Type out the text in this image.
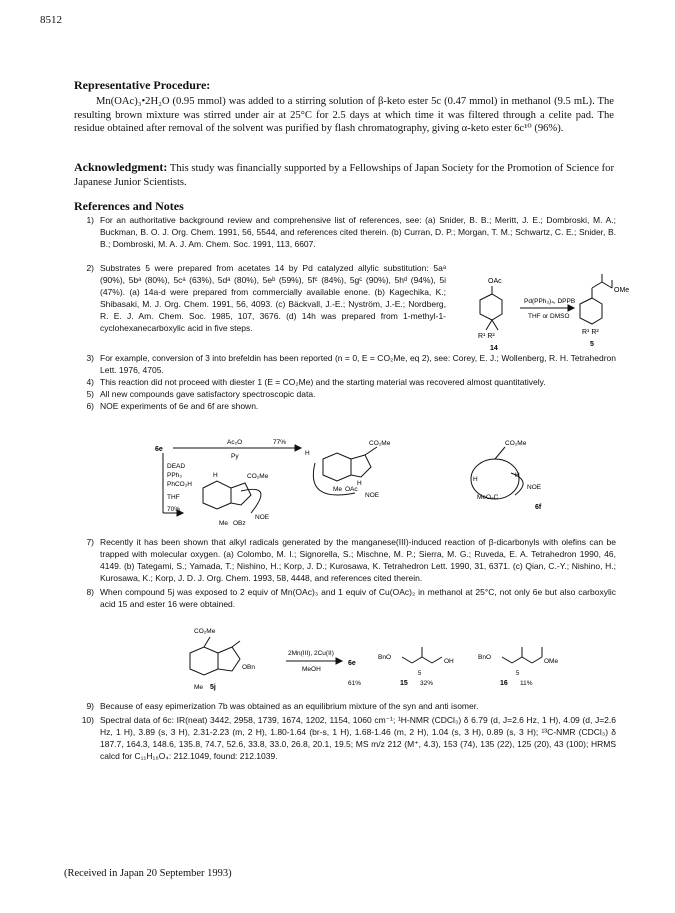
8512
Representative Procedure:
Mn(OAc)₃•2H₂O (0.95 mmol) was added to a stirring solution of β-keto ester 5c (0.47 mmol) in methanol (9.5 mL). The resulting brown mixture was stirred under air at 25°C for 2.5 days at which time it was filtered through a celite pad. The residue obtained after removal of the solvent was purified by flash chromatography, giving α-keto ester 6c¹⁰ (96%).
Acknowledgment: This study was financially supported by a Fellowships of Japan Society for the Promotion of Science for Japanese Junior Scientists.
References and Notes
1) For an authoritative background review and comprehensive list of references, see: (a) Snider, B. B.; Meritt, J. E.; Dombroski, M. A.; Buckman, B. O. J. Org. Chem. 1991, 56, 5544, and references cited therein. (b) Curran, D. P.; Morgan, T. M.; Schwartz, C. E.; Snider, B. B.; Dombroski, M. A. J. Am. Chem. Soc. 1991, 113, 6607.
2) Substrates 5 were prepared from acetates 14 by Pd catalyzed allylic substitution: 5aᵃ (90%), 5bᵃ (80%), 5cᵃ (63%), 5dᵃ (80%), 5eᵇ (59%), 5fᶜ (84%), 5gᶜ (90%), 5hᵈ (94%), 5i (47%). (a) 14a-d were prepared from commercially available enone. (b) Kagechika, K.; Shibasaki, M. J. Org. Chem. 1991, 56, 4093. (c) Bäckvall, J.-E.; Nyström, J.-E.; Nordberg, R. E. J. Am. Chem. Soc. 1985, 107, 3676. (d) 14h was prepared from 1-methyl-1-cyclohexanecarboxylic acid in five steps.
OAc
OMe
Pd(PPh₃)₄, DPPB
THF or DMSO
R¹ R²
14
R¹ R²
5
3) For example, conversion of 3 into brefeldin has been reported (n = 0, E = CO₂Me, eq 2), see: Corey, E. J.; Wollenberg, R. H. Tetrahedron Lett. 1976, 4705.
4) This reaction did not proceed with diester 1 (E = CO₂Me) and the starting material was recovered almost quantitatively.
5) All new compounds gave satisfactory spectroscopic data.
6) NOE experiments of 6e and 6f are shown.
6e
Ac₂O	77%
Py
DEAD
PPh₃
PhCO₂H
THF
70%
CO₂Me
Me OBz
NOE
H
CO₂Me
H
H
Me OAc
NOE
CO₂Me
MeO₂C
H
H
NOE
6f
7) Recently it has been shown that alkyl radicals generated by the manganese(III)-induced reaction of β-dicarbonyls with olefins can be trapped with molecular oxygen. (a) Colombo, M. I.; Signorella, S.; Mischne, M. P.; Sierra, M. G.; Ruveda, E. A. Tetrahedron 1990, 46, 4149. (b) Tategami, S.; Yamada, T.; Nishino, H.; Korp, J. D.; Kurosawa, K. Tetrahedron Lett. 1990, 31, 6371. (c) Qian, C.-Y.; Nishino, H.; Kurosawa, K.; Korp, J. D. J. Org. Chem. 1993, 58, 4448, and references cited therein.
8) When compound 5j was exposed to 2 equiv of Mn(OAc)₃ and 1 equiv of Cu(OAc)₂ in methanol at 25°C, not only 6e but also carboxylic acid 15 and ester 16 were obtained.
CO₂Me
OBn
Me 5j
2Mn(III), 2Cu(II)
MeOH
6e
61%
BnO
OH
5
15 32%
BnO
OMe
5
16 11%
9) Because of easy epimerization 7b was obtained as an equilibrium mixture of the syn and anti isomer.
10) Spectral data of 6c: IR(neat) 3442, 2958, 1739, 1674, 1202, 1154, 1060 cm⁻¹; ¹H-NMR (CDCl₃) δ 6.79 (d, J=2.6 Hz, 1 H), 4.09 (d, J=2.6 Hz, 1 H), 3.89 (s, 3 H), 2.31-2.23 (m, 2 H), 1.80-1.64 (br-s, 1 H), 1.68-1.46 (m, 2 H), 1.04 (s, 3 H), 0.89 (s, 3 H); ¹³C-NMR (CDCl₃) δ 187.7, 164.3, 148.6, 135.8, 74.7, 52.6, 33.8, 33.0, 26.8, 20.1, 19.5; MS m/z 212 (M⁺, 4.3), 153 (74), 135 (22), 125 (20), 43 (100); HRMS calcd for C₁₁H₁₆O₄: 212.1049, found: 212.1039.
(Received in Japan 20 September 1993)
